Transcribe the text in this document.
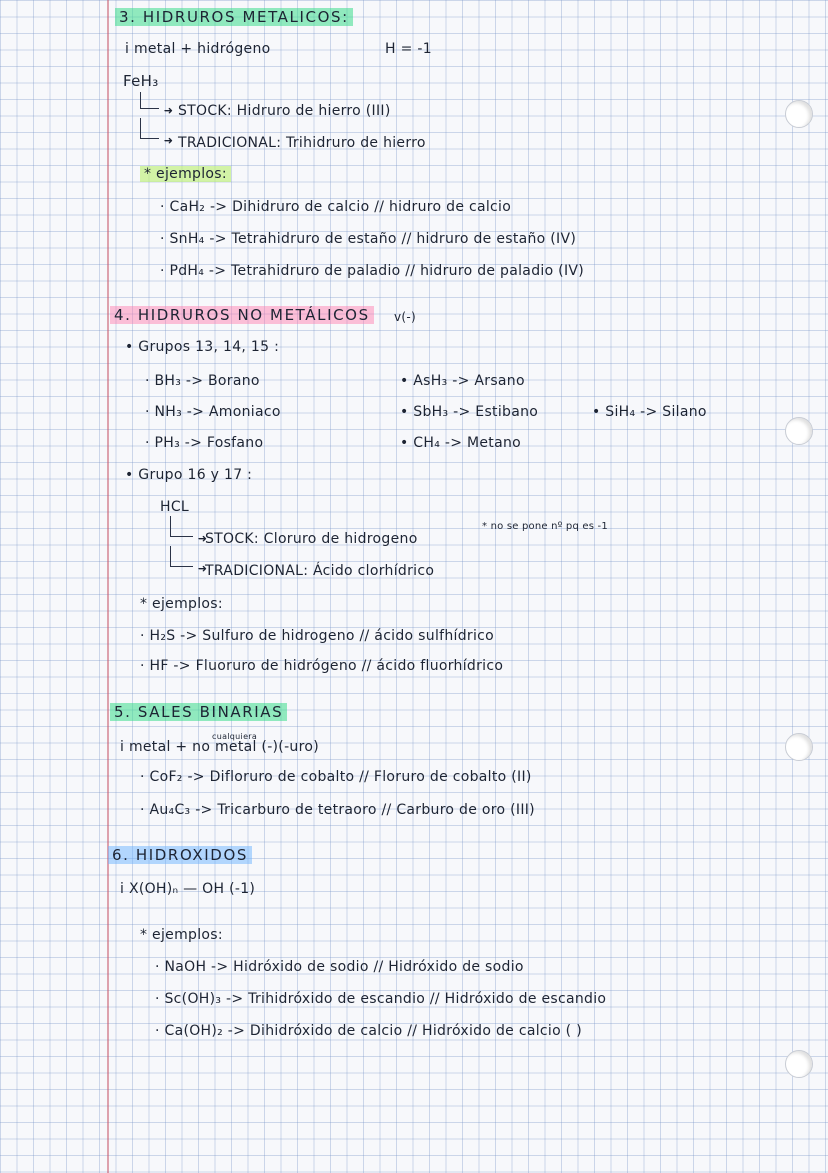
3. HIDRUROS METALICOS:
i metal + hidrógeno	H = -1
FeH₃
➜
STOCK: Hidruro de hierro (III)
➜
TRADICIONAL: Trihidruro de hierro
* ejemplos:
· CaH₂ -> Dihidruro de calcio // hidruro de calcio
· SnH₄ -> Tetrahidruro de estaño // hidruro de estaño (IV)
· PdH₄ -> Tetrahidruro de paladio // hidruro de paladio (IV)
4. HIDRUROS NO METÁLICOS	v(-)
• Grupos 13, 14, 15 :
· BH₃ -> Borano
· NH₃ -> Amoniaco
· PH₃ -> Fosfano
• AsH₃ -> Arsano
• SbH₃ -> Estibano
• CH₄ -> Metano
• SiH₄ -> Silano
• Grupo 16 y 17 :
HCL
➜
STOCK: Cloruro de hidrogeno
* no se pone nº pq es -1
➜
TRADICIONAL: Ácido clorhídrico
* ejemplos:
· H₂S -> Sulfuro de hidrogeno // ácido sulfhídrico
· HF -> Fluoruro de hidrógeno // ácido fluorhídrico
5. SALES BINARIAS
cualquiera
i metal + no metal (-)(-uro)
· CoF₂ -> Difloruro de cobalto // Floruro de cobalto (II)
· Au₄C₃ -> Tricarburo de tetraoro // Carburo de oro (III)
6. HIDROXIDOS
i X(OH)ₙ — OH (-1)
* ejemplos:
· NaOH -> Hidróxido de sodio // Hidróxido de sodio
· Sc(OH)₃ -> Trihidróxido de escandio // Hidróxido de escandio
· Ca(OH)₂ -> Dihidróxido de calcio // Hidróxido de calcio ( )
